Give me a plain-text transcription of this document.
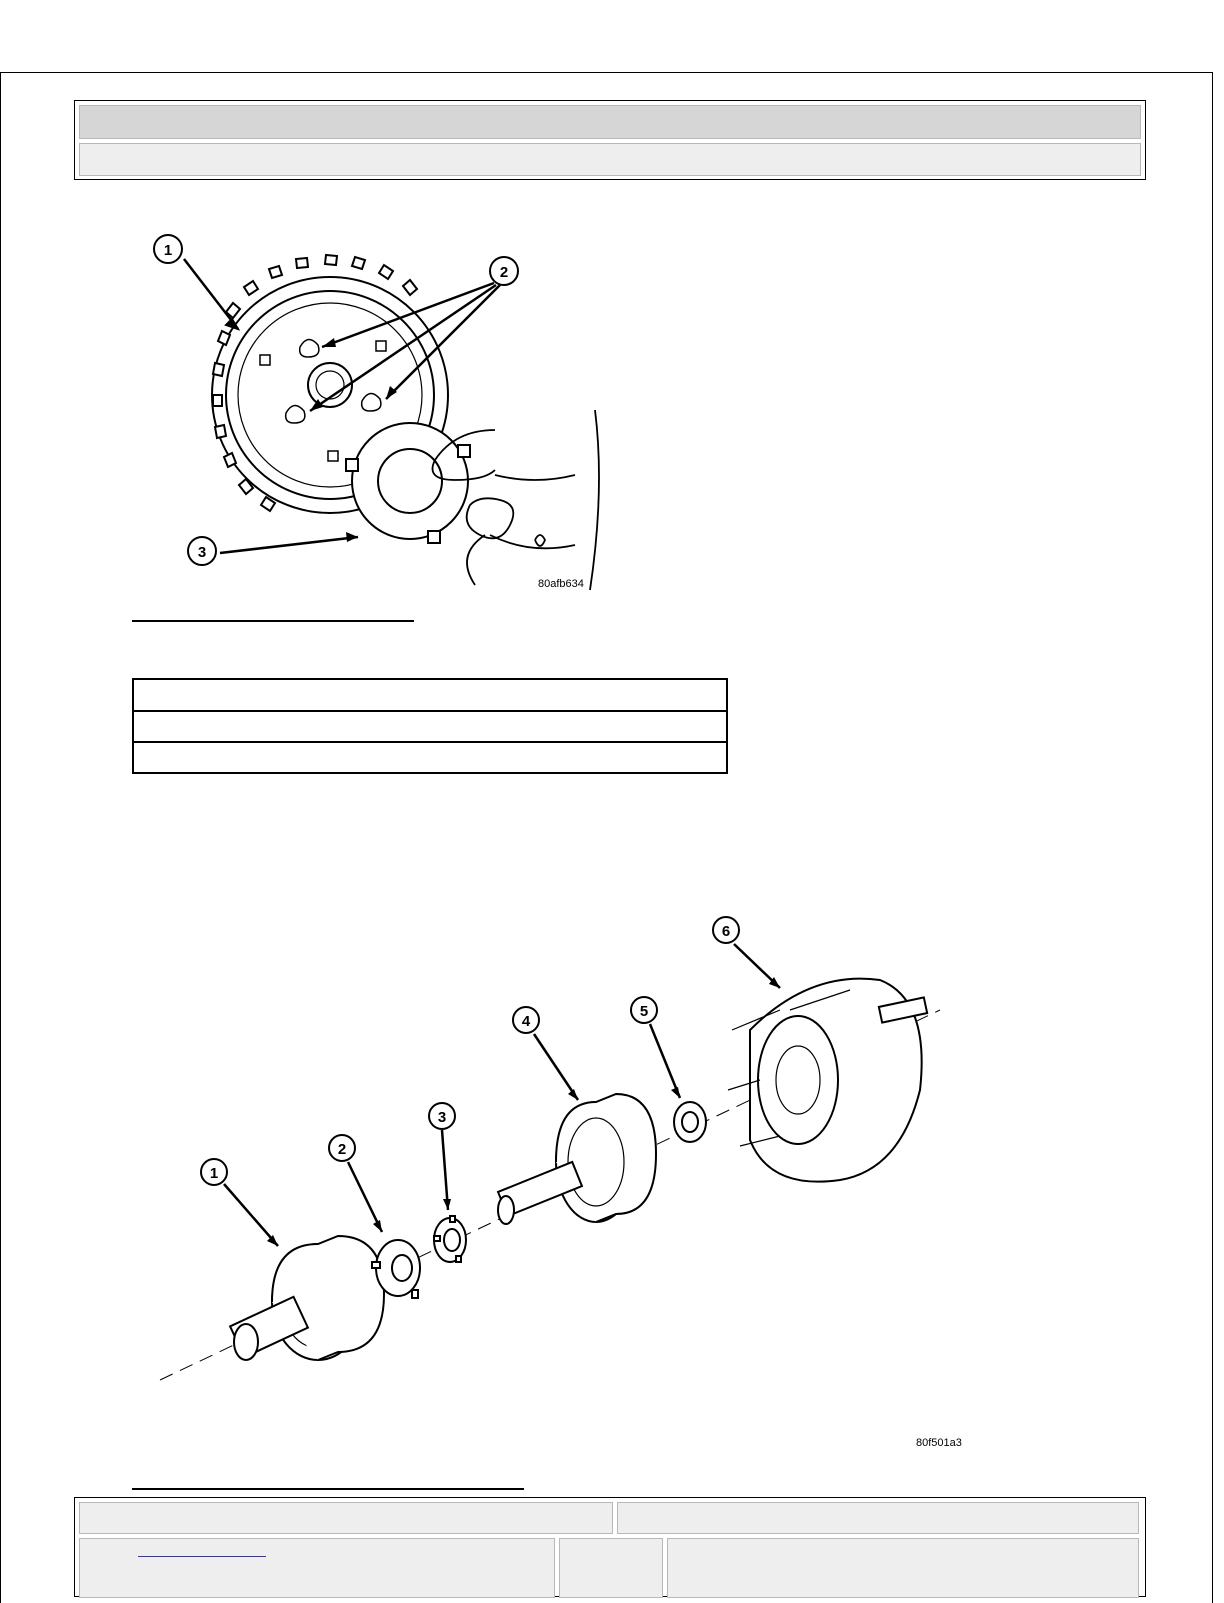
1
2
3
80afb634
1
2
3
4
5
6
80f501a3
